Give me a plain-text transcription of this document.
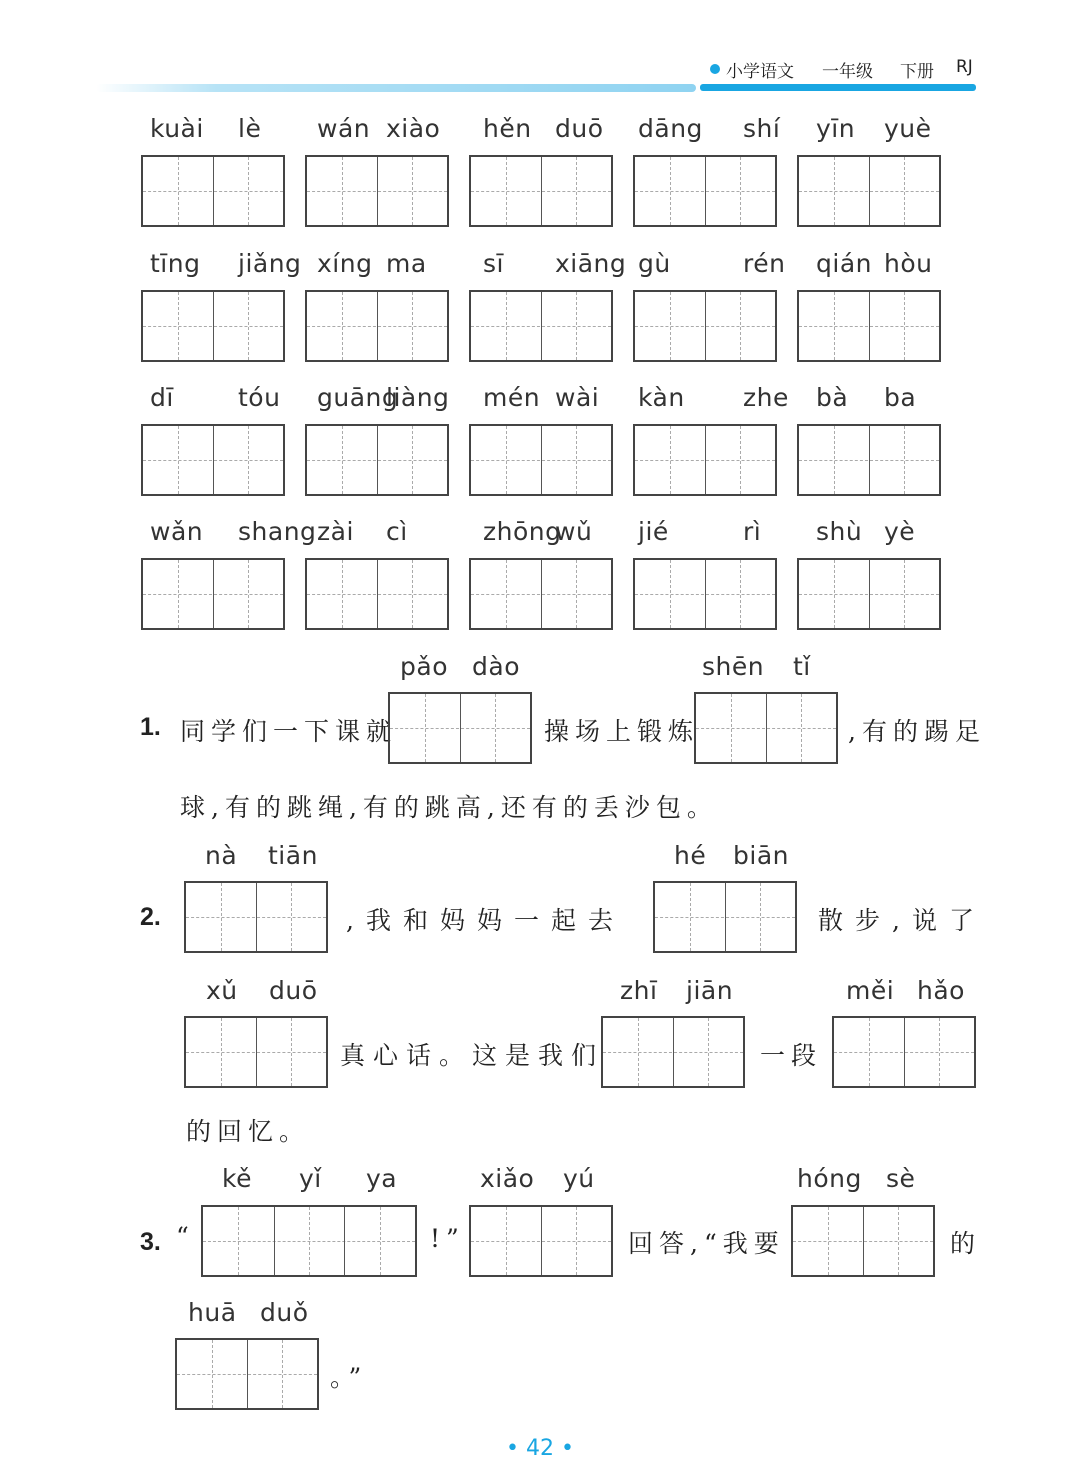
小学语文 一年级 下册 RJ
kuài lè wán xiào hěn duō dāng shí yīn yuè
tīng jiǎng xíng ma sī xiāng gù	rén qián hòu
dī	tóu guāng
liàng mén wài kàn zhe bà ba
wǎn shang zài cì	zhōng
wǔ jié	rì shù yè
pǎo dào	shēn tǐ
1. 同学们一下课就	操场上锻炼	,有的踢足
球,有的跳绳,有的跳高,还有的丢沙包。
nà tiān	hé biān
2.	,我和妈妈一起去	散步,说了
xǔ duō	zhī jiān	měi hǎo
真心话。这是我们	一段
的回忆。
kě yǐ ya	xiǎo yú	hóng sè
3. “	!”	回答,“我要	的
huā duǒ
。”
• 42 •
